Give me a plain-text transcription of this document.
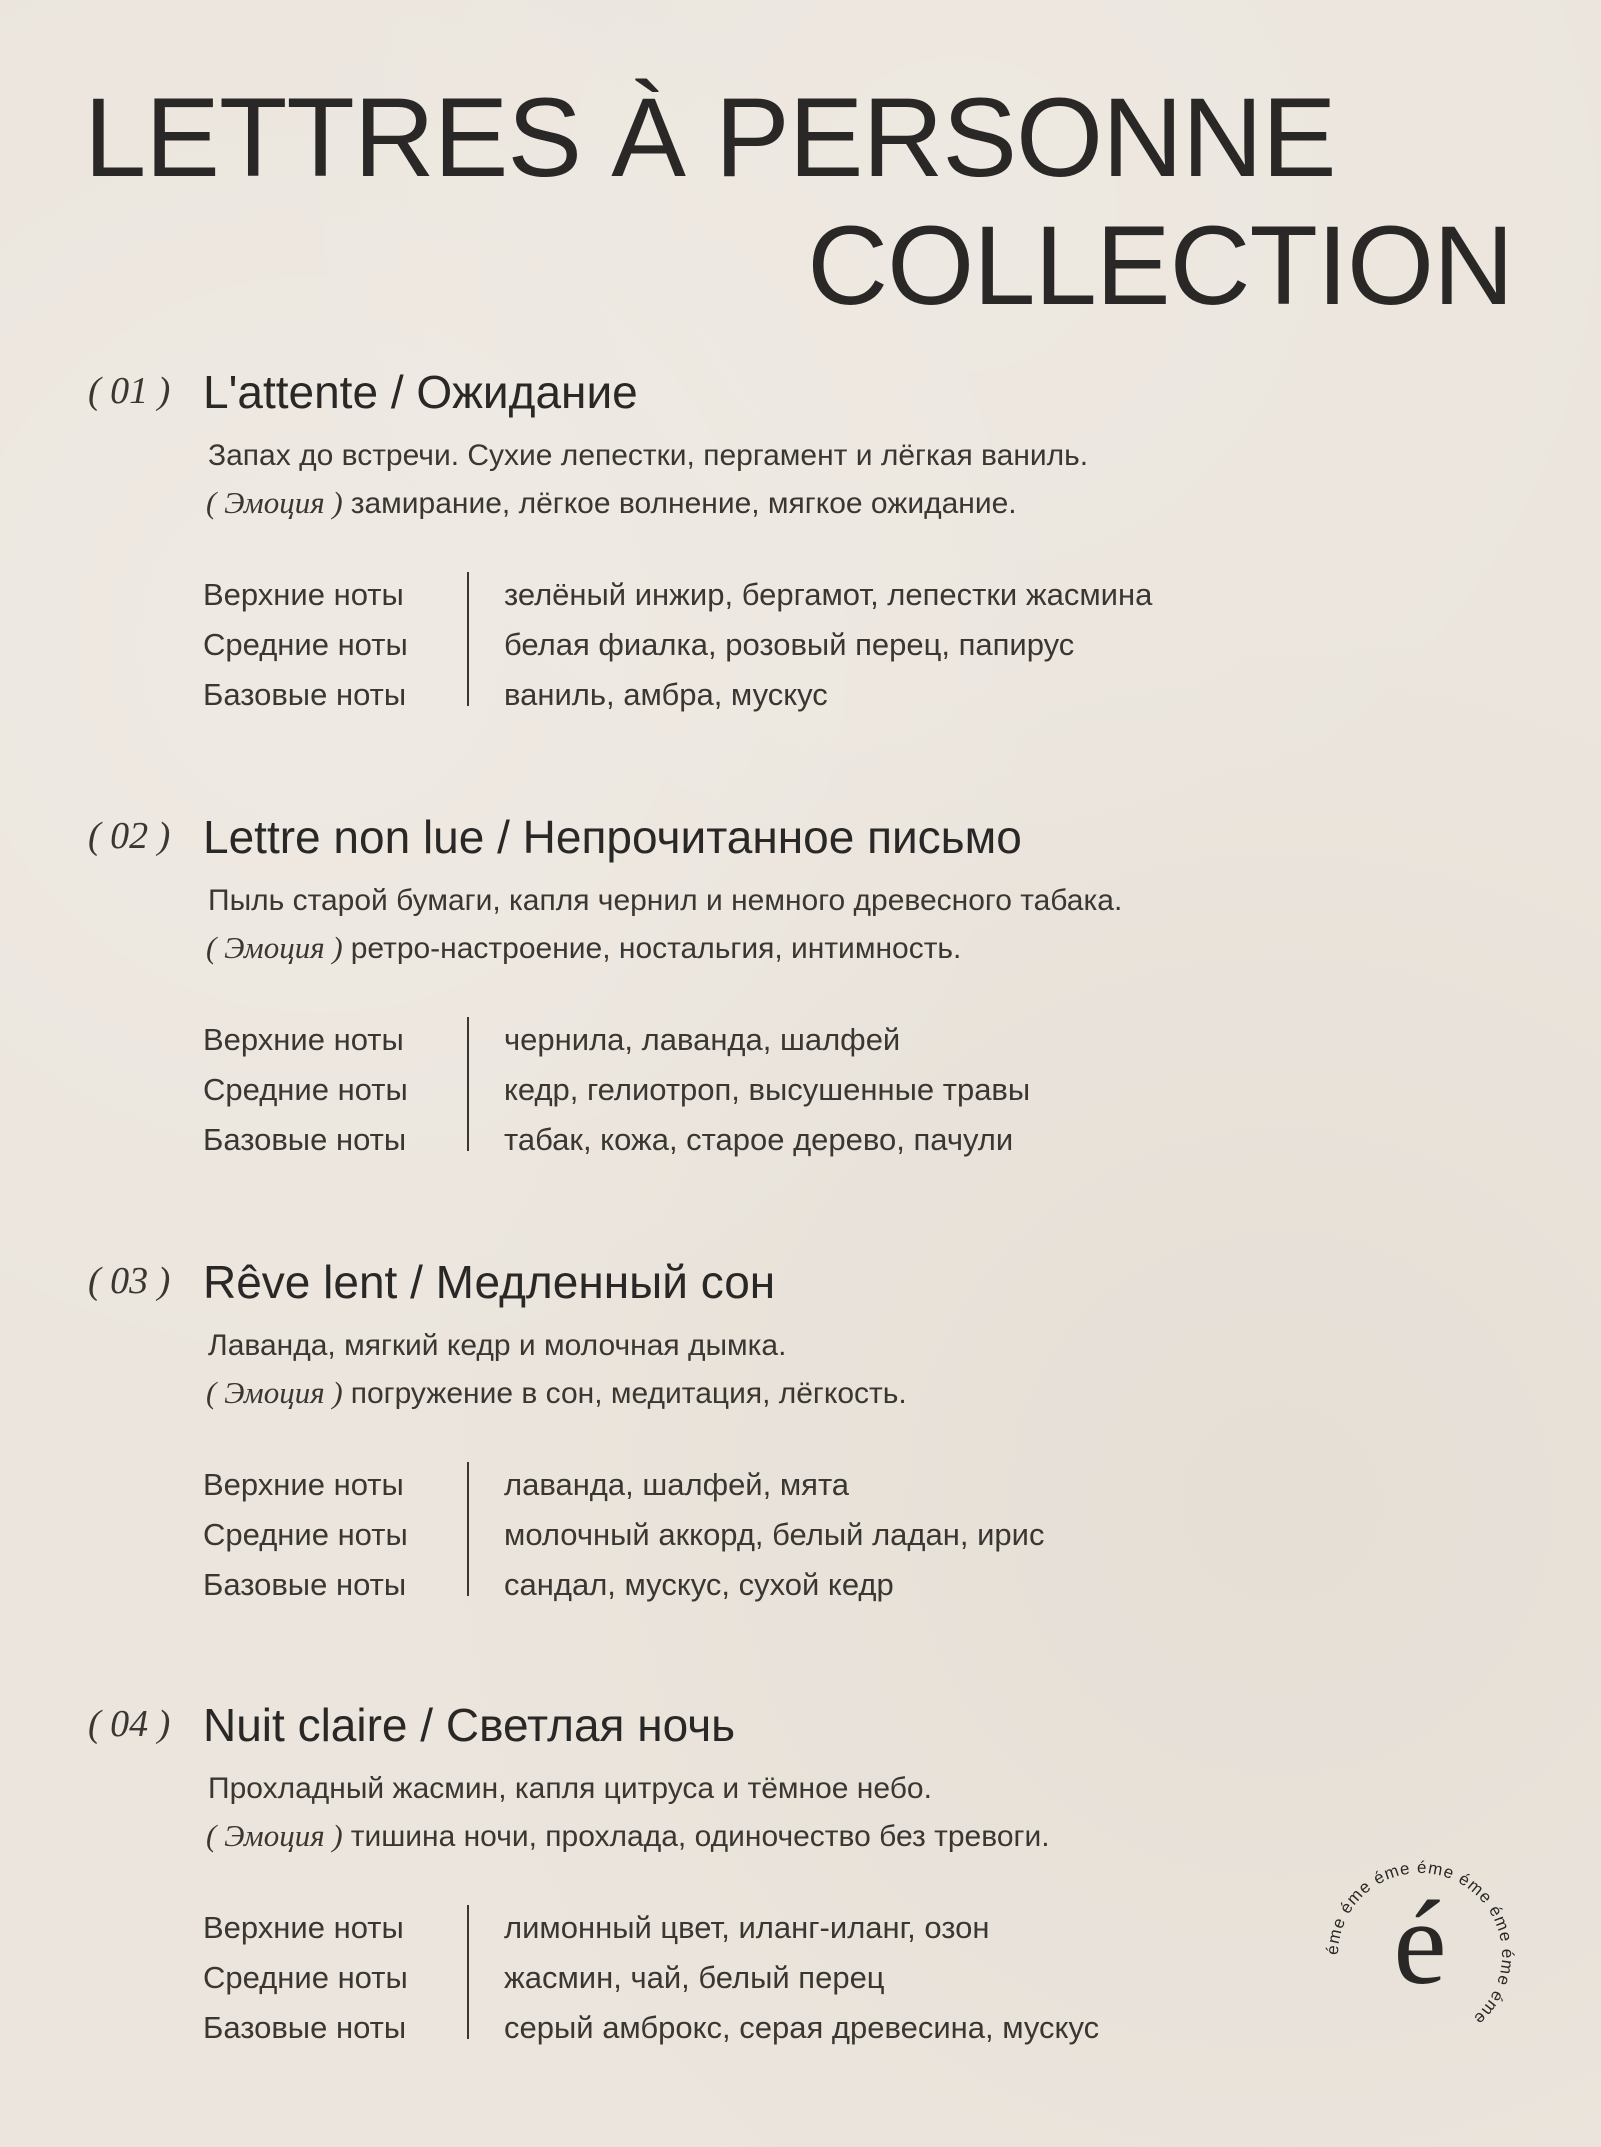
LETTRES À PERSONNE
COLLECTION
( 01 ) L'attente / Ожидание
Запах до встречи. Сухие лепестки, пергамент и лёгкая ваниль.
( Эмоция ) замирание, лёгкое волнение, мягкое ожидание.
Верхние ноты
Средние ноты
Базовые ноты
зелёный инжир, бергамот, лепестки жасмина
белая фиалка, розовый перец, папирус
ваниль, амбра, мускус
( 02 ) Lettre non lue / Непрочитанное письмо
Пыль старой бумаги, капля чернил и немного древесного табака.
( Эмоция ) ретро-настроение, ностальгия, интимность.
Верхние ноты
Средние ноты
Базовые ноты
чернила, лаванда, шалфей
кедр, гелиотроп, высушенные травы
табак, кожа, старое дерево, пачули
( 03 ) Rêve lent / Медленный сон
Лаванда, мягкий кедр и молочная дымка.
( Эмоция ) погружение в сон, медитация, лёгкость.
Верхние ноты
Средние ноты
Базовые ноты
лаванда, шалфей, мята
молочный аккорд, белый ладан, ирис
сандал, мускус, сухой кедр
( 04 ) Nuit claire / Светлая ночь
Прохладный жасмин, капля цитруса и тёмное небо.
( Эмоция ) тишина ночи, прохлада, одиночество без тревоги.
Верхние ноты
Средние ноты
Базовые ноты
лимонный цвет, иланг-иланг, озон
жасмин, чай, белый перец
серый амброкс, серая древесина, мускус
éme éme éme éme éme éme éme éme
é
